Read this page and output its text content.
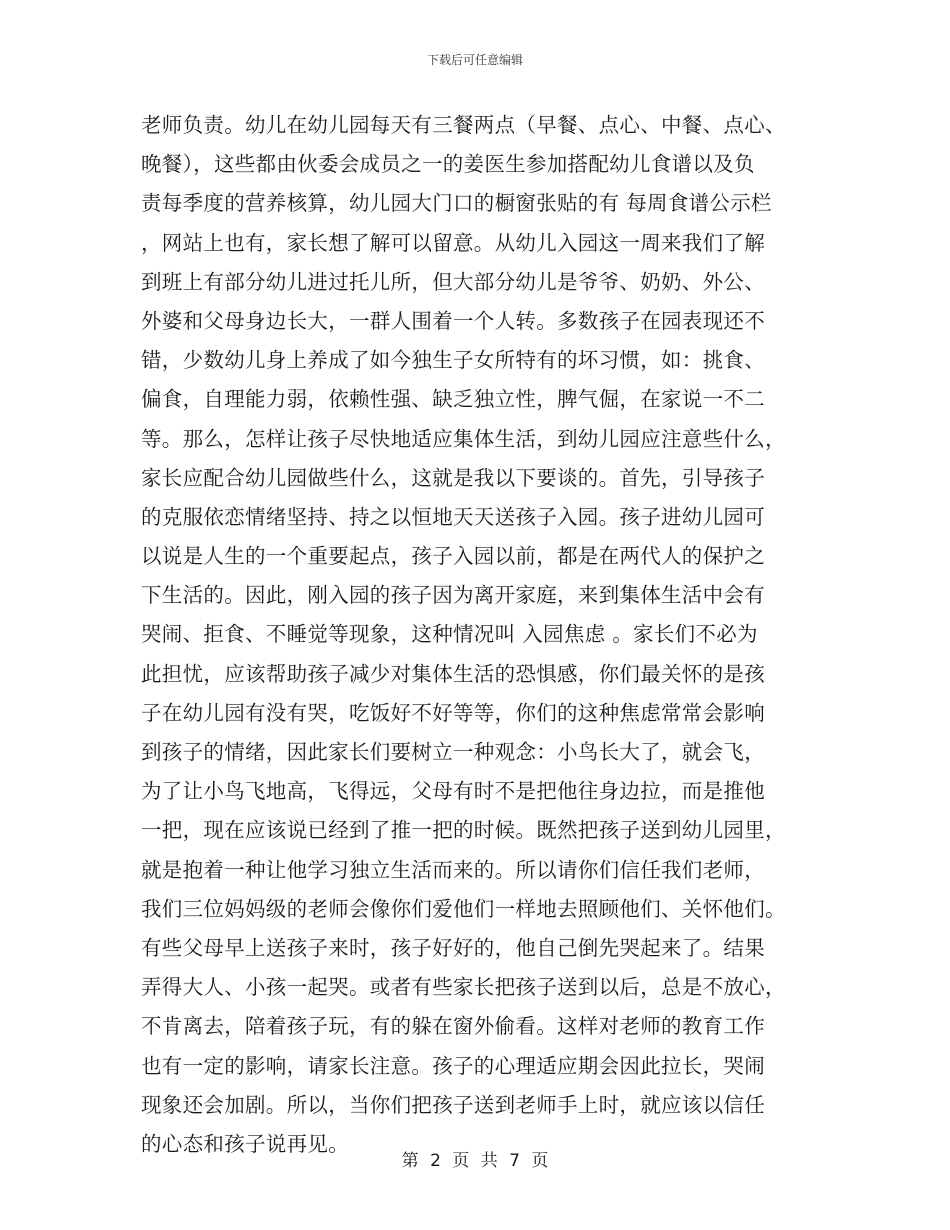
下载后可任意编辑
老师负责。幼儿在幼儿园每天有三餐两点（早餐、点心、中餐、点心、
晚餐），这些都由伙委会成员之一的姜医生参加搭配幼儿食谱以及负
责每季度的营养核算，幼儿园大门口的橱窗张贴的有 每周食谱公示栏
，网站上也有，家长想了解可以留意。从幼儿入园这一周来我们了解
到班上有部分幼儿进过托儿所，但大部分幼儿是爷爷、奶奶、外公、
外婆和父母身边长大，一群人围着一个人转。多数孩子在园表现还不
错，少数幼儿身上养成了如今独生子女所特有的坏习惯，如：挑食、
偏食，自理能力弱，依赖性强、缺乏独立性，脾气倔，在家说一不二
等。那么，怎样让孩子尽快地适应集体生活，到幼儿园应注意些什么，
家长应配合幼儿园做些什么，这就是我以下要谈的。首先，引导孩子
的克服依恋情绪坚持、持之以恒地天天送孩子入园。孩子进幼儿园可
以说是人生的一个重要起点，孩子入园以前，都是在两代人的保护之
下生活的。因此，刚入园的孩子因为离开家庭，来到集体生活中会有
哭闹、拒食、不睡觉等现象，这种情况叫 入园焦虑 。家长们不必为
此担忧，应该帮助孩子减少对集体生活的恐惧感，你们最关怀的是孩
子在幼儿园有没有哭，吃饭好不好等等，你们的这种焦虑常常会影响
到孩子的情绪，因此家长们要树立一种观念：小鸟长大了，就会飞，
为了让小鸟飞地高，飞得远，父母有时不是把他往身边拉，而是推他
一把，现在应该说已经到了推一把的时候。既然把孩子送到幼儿园里，
就是抱着一种让他学习独立生活而来的。所以请你们信任我们老师，
我们三位妈妈级的老师会像你们爱他们一样地去照顾他们、关怀他们。
有些父母早上送孩子来时，孩子好好的，他自己倒先哭起来了。结果
弄得大人、小孩一起哭。或者有些家长把孩子送到以后，总是不放心，
不肯离去，陪着孩子玩，有的躲在窗外偷看。这样对老师的教育工作
也有一定的影响，请家长注意。孩子的心理适应期会因此拉长，哭闹
现象还会加剧。所以，当你们把孩子送到老师手上时，就应该以信任
的心态和孩子说再见。
第 2 页 共 7 页
